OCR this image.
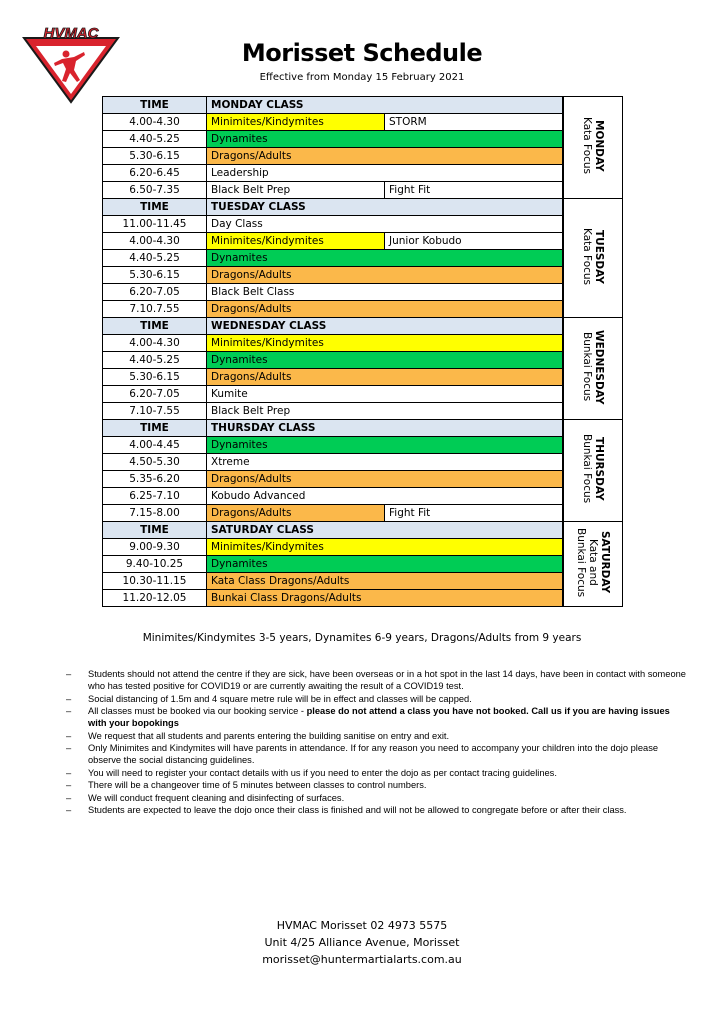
HVMAC
Morisset Schedule
Effective from Monday 15 February 2021
TIME	MONDAY CLASS		MONDAY
Kata Focus
4.00-4.30	Minimites/Kindymites	STORM	
4.40-5.25	Dynamites		
5.30-6.15	Dragons/Adults		
6.20-6.45	Leadership		
6.50-7.35	Black Belt Prep	Fight Fit	
TIME	TUESDAY CLASS		TUESDAY
Kata Focus
11.00-11.45	Day Class		
4.00-4.30	Minimites/Kindymites	Junior Kobudo	
4.40-5.25	Dynamites		
5.30-6.15	Dragons/Adults		
6.20-7.05	Black Belt Class		
7.10.7.55	Dragons/Adults		
TIME	WEDNESDAY CLASS		WEDNESDAY
Bunkai Focus
4.00-4.30	Minimites/Kindymites		
4.40-5.25	Dynamites		
5.30-6.15	Dragons/Adults		
6.20-7.05	Kumite		
7.10-7.55	Black Belt Prep		
TIME	THURSDAY CLASS		THURSDAY
Bunkai Focus
4.00-4.45	Dynamites		
4.50-5.30	Xtreme		
5.35-6.20	Dragons/Adults		
6.25-7.10	Kobudo Advanced		
7.15-8.00	Dragons/Adults	Fight Fit	
TIME	SATURDAY CLASS		SATURDAY
Kata and
Bunkai Focus
9.00-9.30	Minimites/Kindymites		
9.40-10.25	Dynamites		
10.30-11.15	Kata Class Dragons/Adults		
11.20-12.05	Bunkai Class Dragons/Adults		
Minimites/Kindymites 3-5 years, Dynamites 6-9 years, Dragons/Adults from 9 years
– Students should not attend the centre if they are sick, have been overseas or in a hot spot in the last 14 days, have been in contact with someone who has tested positive for COVID19 or are currently awaiting the result of a COVID19 test.
– Social distancing of 1.5m and 4 square metre rule will be in effect and classes will be capped.
– All classes must be booked via our booking service - please do not attend a class you have not booked. Call us if you are having issues with your bopokings
– We request that all students and parents entering the building sanitise on entry and exit.
– Only Minimites and Kindymites will have parents in attendance. If for any reason you need to accompany your children into the dojo please observe the social distancing guidelines.
– You will need to register your contact details with us if you need to enter the dojo as per contact tracing guidelines.
– There will be a changeover time of 5 minutes between classes to control numbers.
– We will conduct frequent cleaning and disinfecting of surfaces.
– Students are expected to leave the dojo once their class is finished and will not be allowed to congregate before or after their class.
HVMAC Morisset 02 4973 5575
Unit 4/25 Alliance Avenue, Morisset
morisset@huntermartialarts.com.au
